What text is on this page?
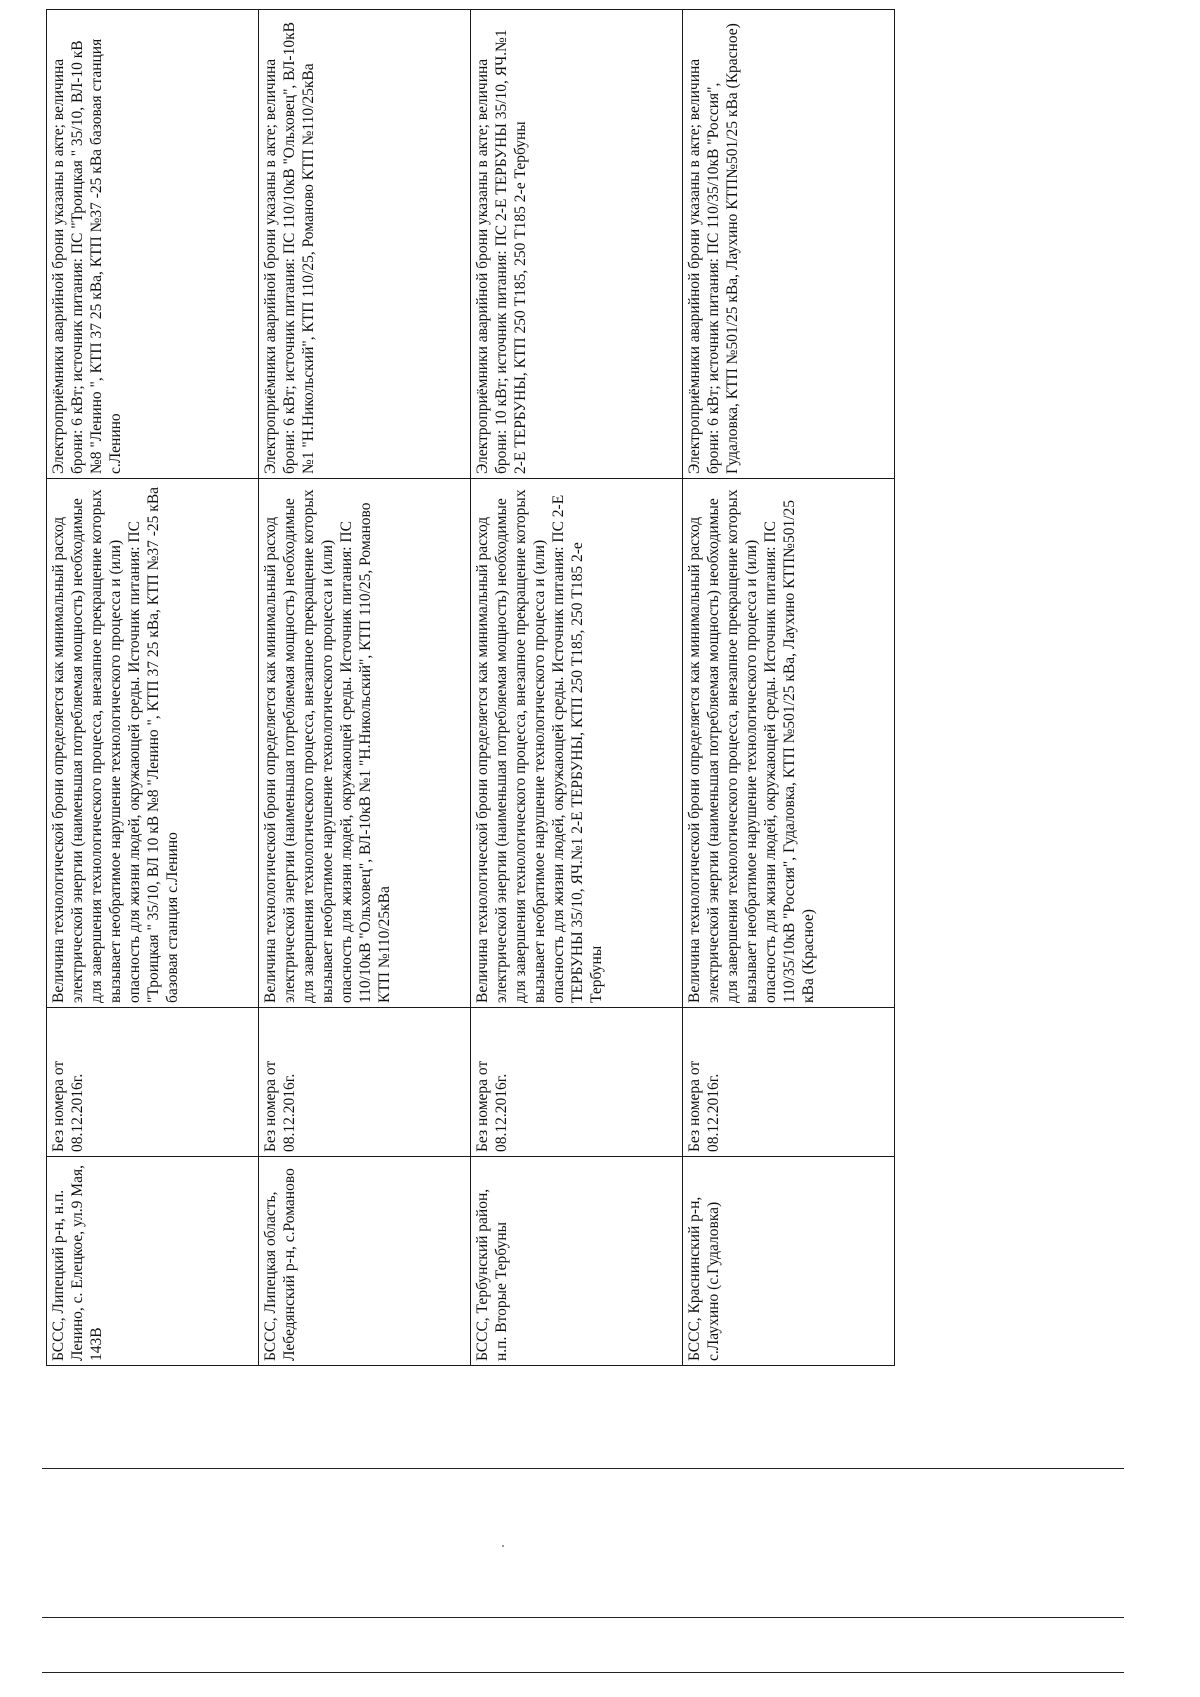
БССС, Липецкий р-н, н.п. Ленино, с. Елецкое, ул.9 Мая, 143В	Без номера от 08.12.2016г.	Величина технологической брони определяется как минимальный расход электрической энергии (наименьшая потребляемая мощность) необходимые для завершения технологического процесса, внезапное прекращение которых вызывает необратимое нарушение технологического процесса и (или) опасность для жизни людей, окружающей среды. Источник питания: ПС "Троицкая " 35/10, ВЛ 10 кВ №8 "Ленино ", КТП 37 25 кВа, КТП №37 -25 кВа базовая станция с.Ленино	Электроприёмники аварийной брони указаны в акте; величина брони: 6 кВт; источник питания: ПС "Троицкая " 35/10, ВЛ-10 кВ №8 "Ленино ", КТП 37 25 кВа, КТП №37 -25 кВа базовая станция с.Ленино
БССС, Липецкая область, Лебедянский р-н, с.Романово	Без номера от 08.12.2016г.	Величина технологической брони определяется как минимальный расход электрической энергии (наименьшая потребляемая мощность) необходимые для завершения технологического процесса, внезапное прекращение которых вызывает необратимое нарушение технологического процесса и (или) опасность для жизни людей, окружающей среды. Источник питания: ПС 110/10кВ "Ольховец", ВЛ-10кВ №1 "Н.Никольский", КТП 110/25, Романово КТП №110/25кВа	Электроприёмники аварийной брони указаны в акте; величина брони: 6 кВт; источник питания: ПС 110/10кВ "Ольховец", ВЛ-10кВ №1 "Н.Никольский", КТП 110/25, Романово КТП №110/25кВа
БССС, Тербунский район, н.п. Вторые Тербуны	Без номера от 08.12.2016г.	Величина технологической брони определяется как минимальный расход электрической энергии (наименьшая потребляемая мощность) необходимые для завершения технологического процесса, внезапное прекращение которых вызывает необратимое нарушение технологического процесса и (или) опасность для жизни людей, окружающей среды. Источник питания: ПС 2-Е ТЕРБУНЫ 35/10, ЯЧ.№1 2-Е ТЕРБУНЫ, КТП 250 Т185, 250 Т185 2-е Тербуны	Электроприёмники аварийной брони указаны в акте; величина брони: 10 кВт; источник питания: ПС 2-Е ТЕРБУНЫ 35/10, ЯЧ.№1 2-Е ТЕРБУНЫ, КТП 250 Т185, 250 Т185 2-е Тербуны
БССС, Краснинский р-н, с.Лаухино (с.Гудаловка)	Без номера от 08.12.2016г.	Величина технологической брони определяется как минимальный расход электрической энергии (наименьшая потребляемая мощность) необходимые для завершения технологического процесса, внезапное прекращение которых вызывает необратимое нарушение технологического процесса и (или) опасность для жизни людей, окружающей среды. Источник питания: ПС 110/35/10кВ "Россия", Гудаловка, КТП №501/25 кВа, Лаухино КТП№501/25 кВа (Красное)	Электроприёмники аварийной брони указаны в акте; величина брони: 6 кВт; источник питания: ПС 110/35/10кВ "Россия", Гудаловка, КТП №501/25 кВа, Лаухино КТП№501/25 кВа (Красное)
